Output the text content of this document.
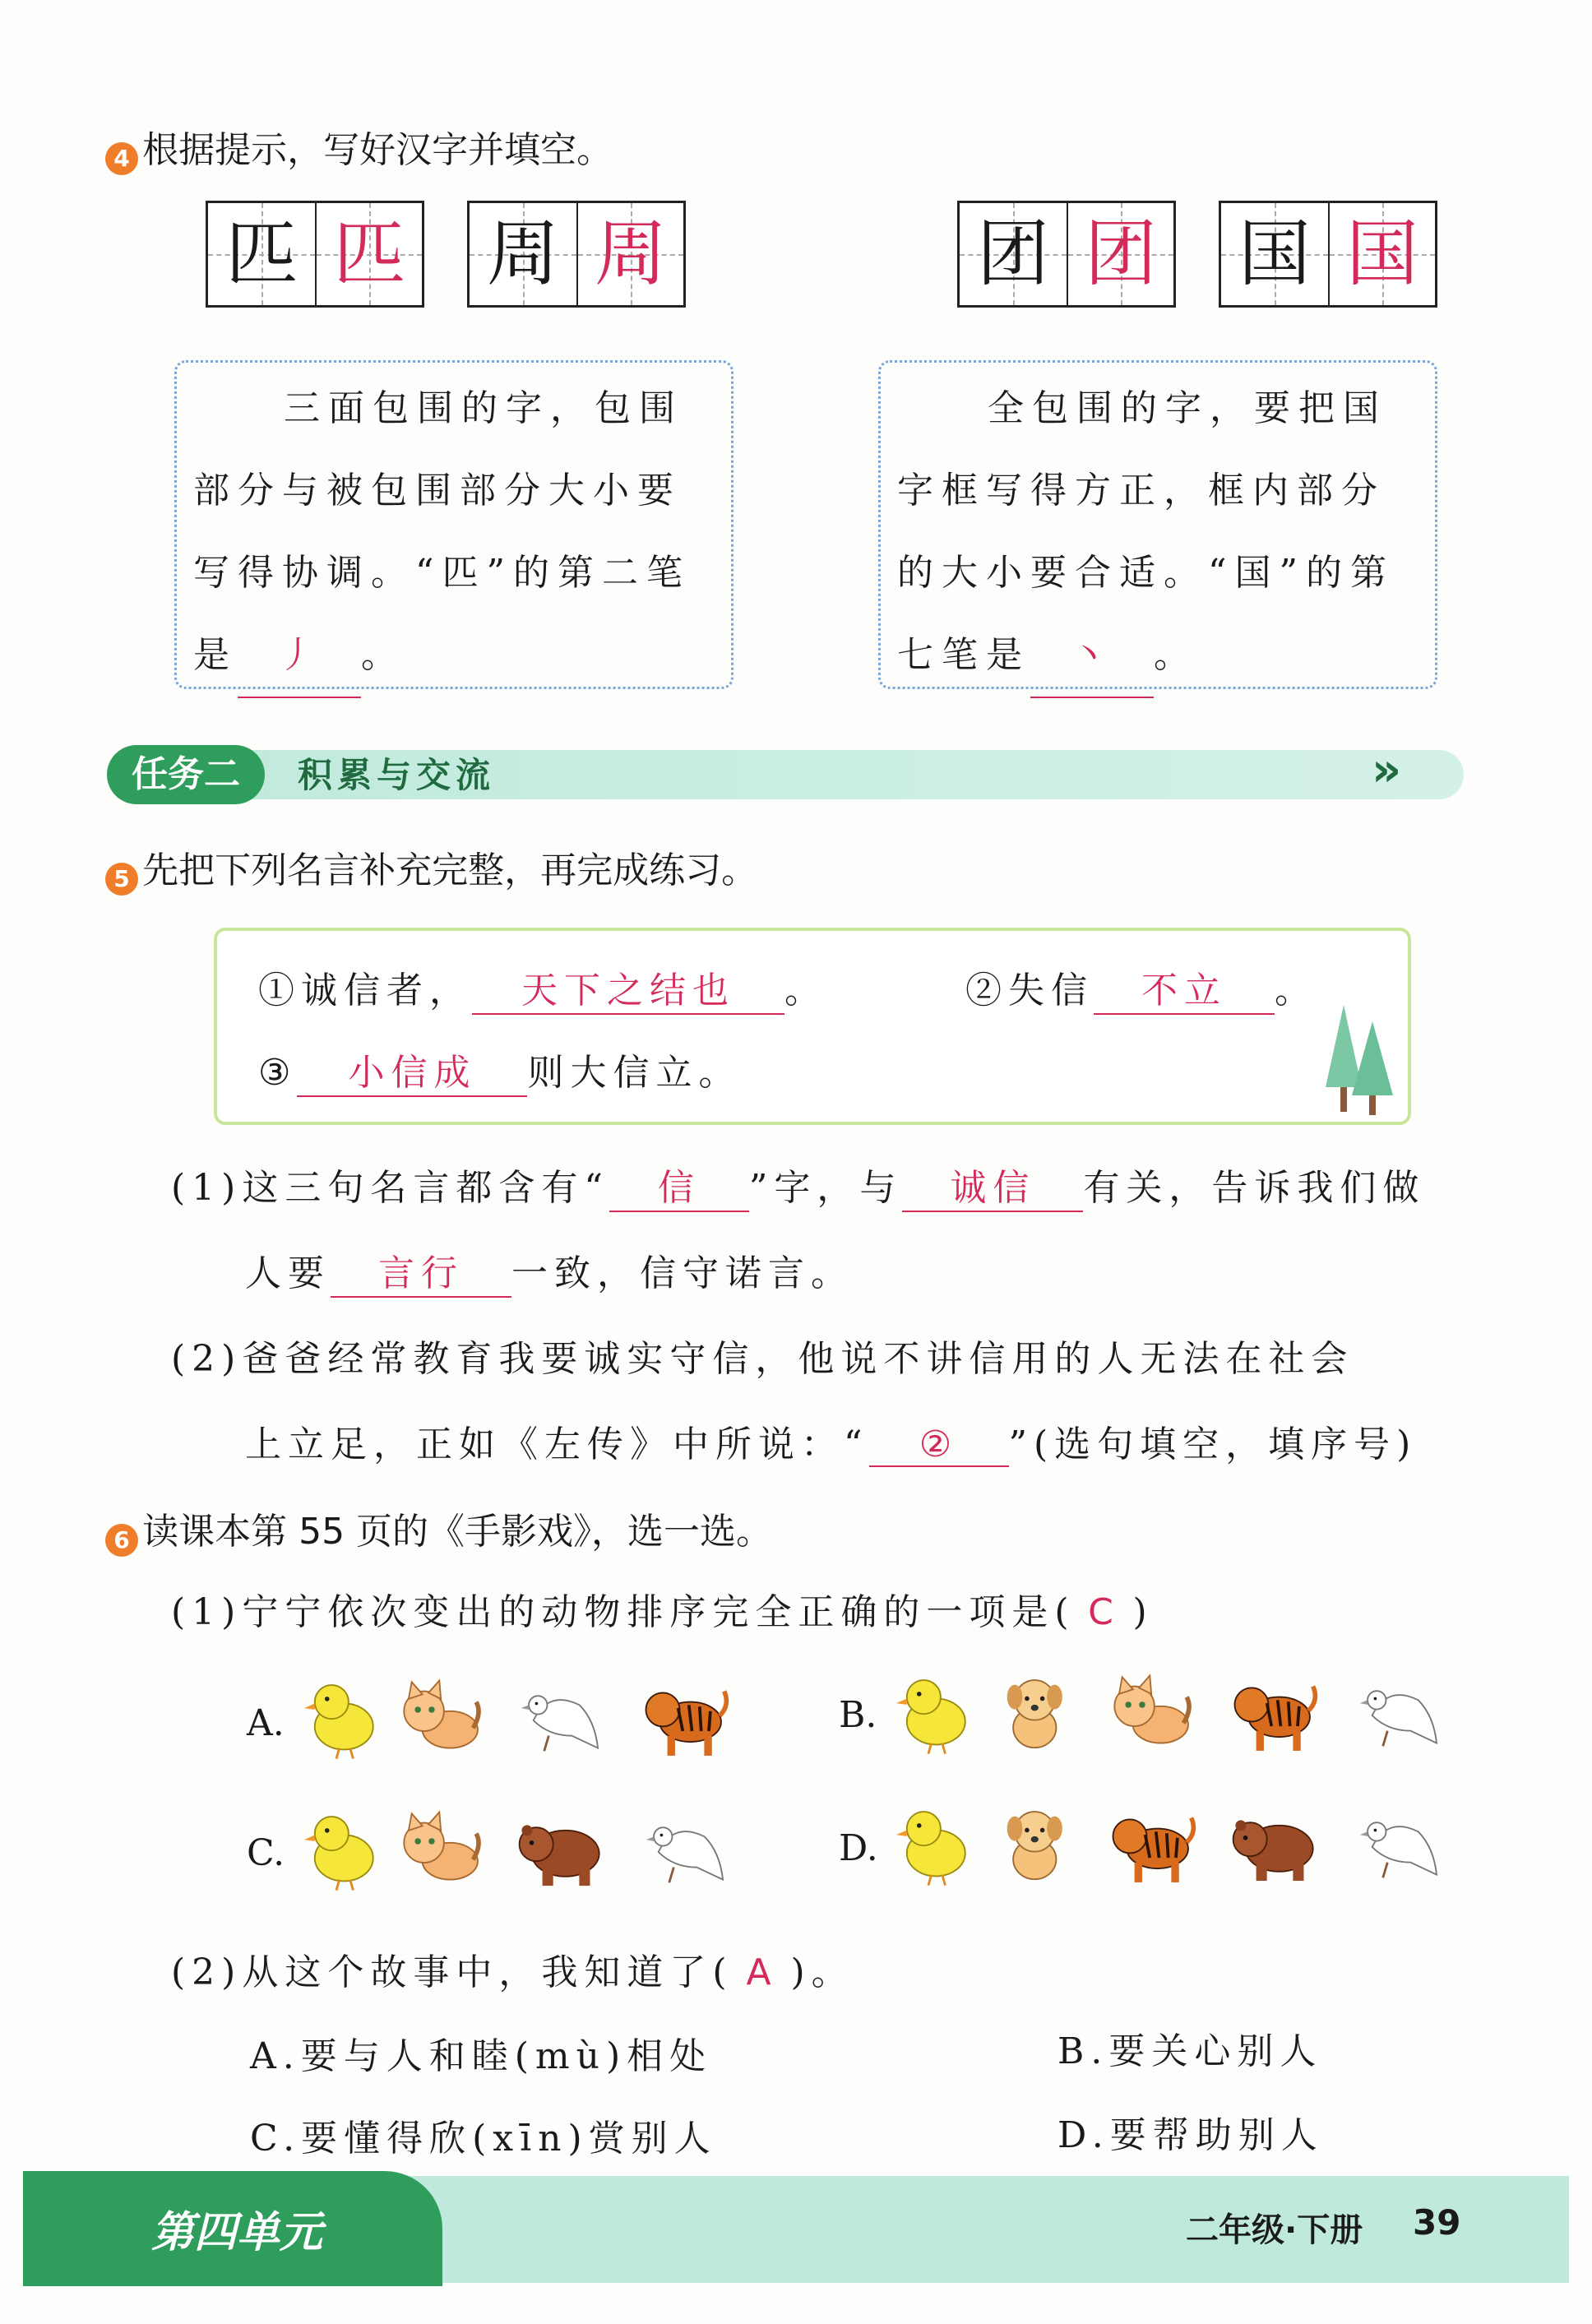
4 根据提示，写好汉字并填空。
匹 匹 周 周	团 团 国 国
三面包围的字，包围
部分与被包围部分大小要
写得协调。“匹”的第二笔
是 丿 。
全包围的字，要把国
字框写得方正，框内部分
的大小要合适。“国”的第
七笔是 丶 。
任务二	积累与交流	»
5 先把下列名言补充完整，再完成练习。
①诚信者， 天下之结也 。	②失信 不立 。
③ 小信成 则大信立。
(1)这三句名言都含有“ 信 ”字，与 诚信 有关，告诉我们做
人要 言行 一致，信守诺言。
(2)爸爸经常教育我要诚实守信，他说不讲信用的人无法在社会
上立足，正如《左传》中所说：“ ② ”(选句填空，填序号)
6 读课本第 55 页的《手影戏》，选一选。
(1)宁宁依次变出的动物排序完全正确的一项是( C )
A.	B.
C.	D.
(2)从这个故事中，我知道了( A )。
A.要与人和睦(mù)相处	B.要关心别人
C.要懂得欣(xīn)赏别人	D.要帮助别人
第四单元	二年级·下册 39
